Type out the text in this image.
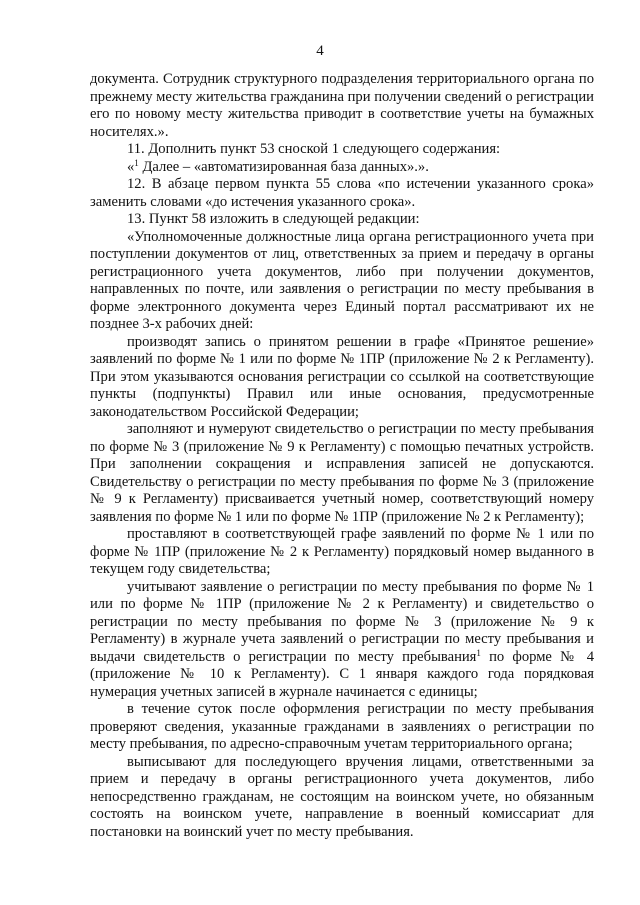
4

документа. Сотрудник структурного подразделения территориального органа по прежнему месту жительства гражданина при получении сведений о регистрации его по новому месту жительства приводит в соответствие учеты на бумажных носителях.».

11. Дополнить пункт 53 сноской 1 следующего содержания:

«$^1$ Далее – «автоматизированная база данных».».

12. В абзаце первом пункта 55 слова «по истечении указанного срока» заменить словами «до истечения указанного срока».

13. Пункт 58 изложить в следующей редакции:

«Уполномоченные должностные лица органа регистрационного учета при поступлении документов от лиц, ответственных за прием и передачу в органы регистрационного учета документов, либо при получении документов, направленных по почте, или заявления о регистрации по месту пребывания в форме электронного документа через Единый портал рассматривают их не позднее 3-х рабочих дней:

производят запись о принятом решении в графе «Принятое решение» заявлений по форме № 1 или по форме № 1ПР (приложение № 2 к Регламенту). При этом указываются основания регистрации со ссылкой на соответствующие пункты (подпункты) Правил или иные основания, предусмотренные законодательством Российской Федерации;

заполняют и нумеруют свидетельство о регистрации по месту пребывания по форме № 3 (приложение № 9 к Регламенту) с помощью печатных устройств. При заполнении сокращения и исправления записей не допускаются. Свидетельству о регистрации по месту пребывания по форме № 3 (приложение № 9 к Регламенту) присваивается учетный номер, соответствующий номеру заявления по форме № 1 или по форме № 1ПР (приложение № 2 к Регламенту);

проставляют в соответствующей графе заявлений по форме № 1 или по форме № 1ПР (приложение № 2 к Регламенту) порядковый номер выданного в текущем году свидетельства;

учитывают заявление о регистрации по месту пребывания по форме № 1 или по форме № 1ПР (приложение № 2 к Регламенту) и свидетельство о регистрации по месту пребывания по форме № 3 (приложение № 9 к Регламенту) в журнале учета заявлений о регистрации по месту пребывания и выдачи свидетельств о регистрации по месту пребывания$^1$ по форме № 4 (приложение № 10 к Регламенту). С 1 января каждого года порядковая нумерация учетных записей в журнале начинается с единицы;

в течение суток после оформления регистрации по месту пребывания проверяют сведения, указанные гражданами в заявлениях о регистрации по месту пребывания, по адресно-справочным учетам территориального органа;

выписывают для последующего вручения лицами, ответственными за прием и передачу в органы регистрационного учета документов, либо непосредственно гражданам, не состоящим на воинском учете, но обязанным состоять на воинском учете, направление в военный комиссариат для постановки на воинский учет по месту пребывания.
